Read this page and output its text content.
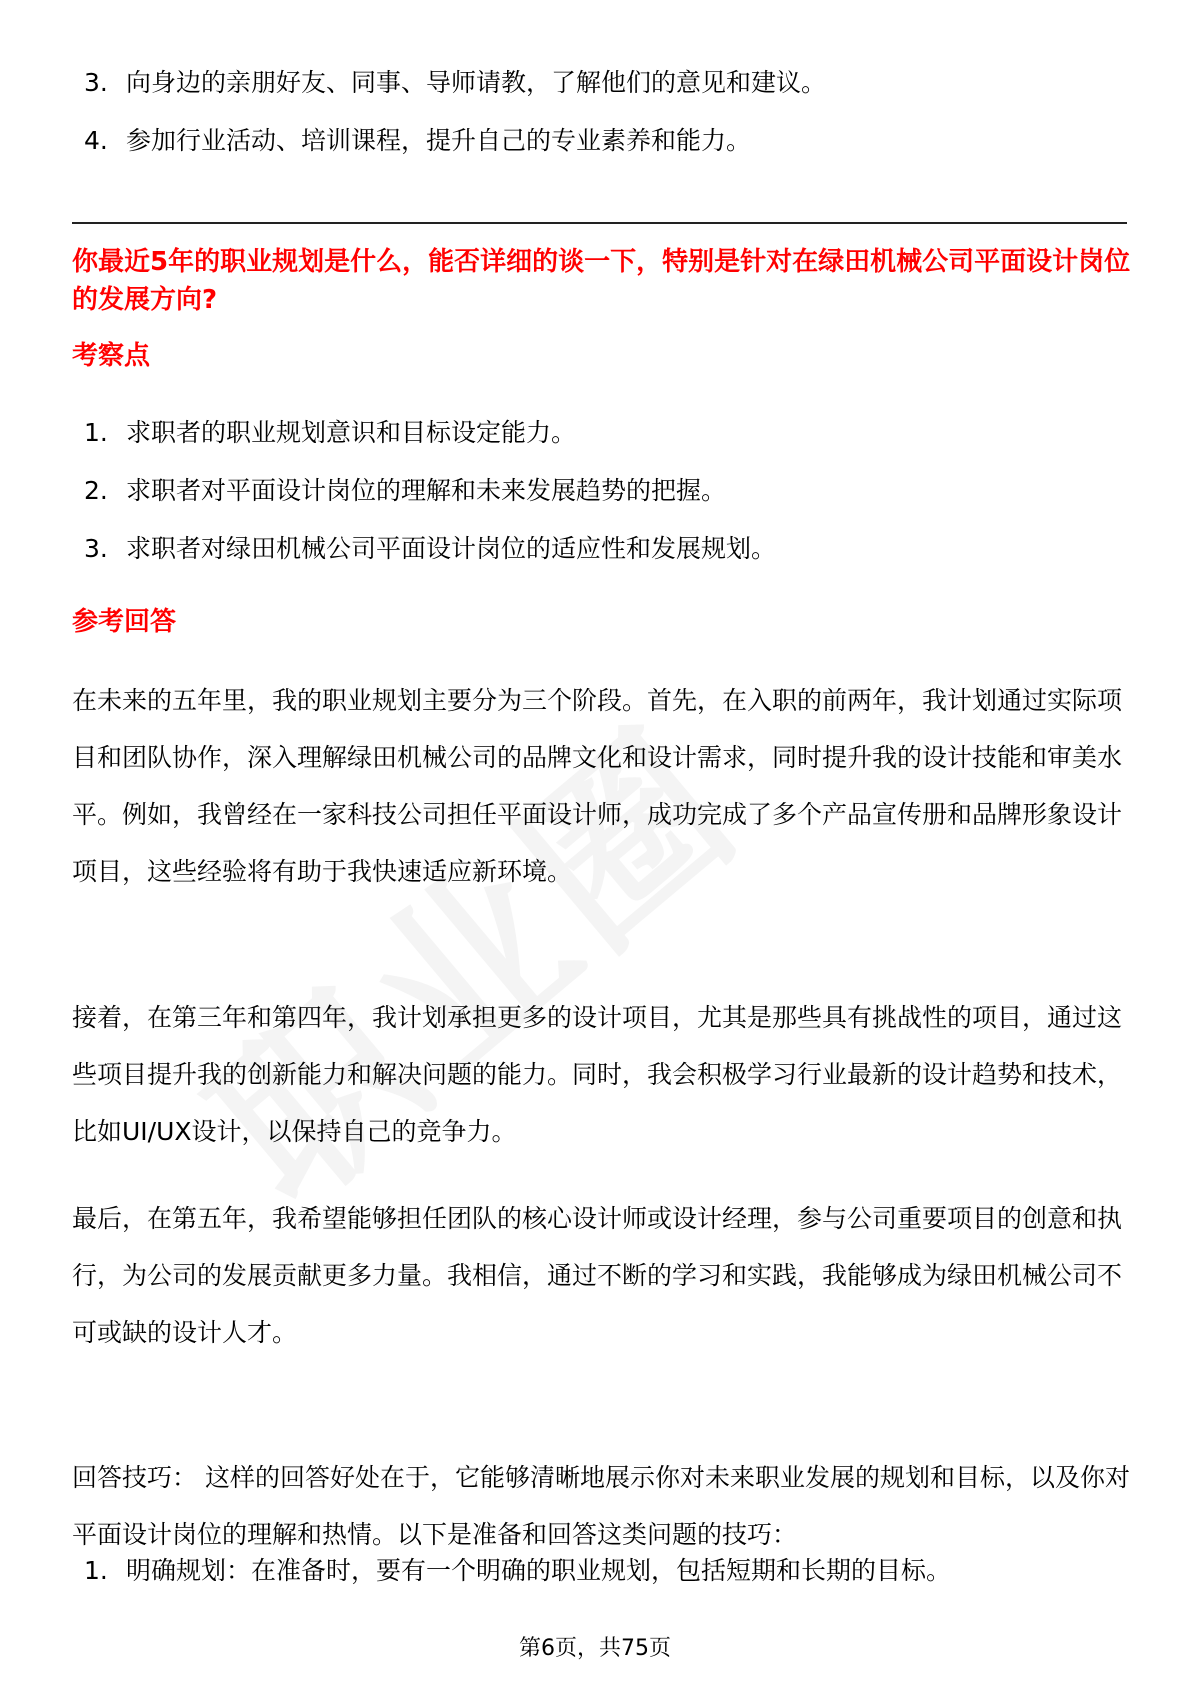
3. 向身边的亲朋好友、同事、导师请教，了解他们的意见和建议。
4. 参加行业活动、培训课程，提升自己的专业素养和能力。
你最近5年的职业规划是什么，能否详细的谈一下，特别是针对在绿田机械公司平面设计岗位的发展方向?
考察点
1. 求职者的职业规划意识和目标设定能力。
2. 求职者对平面设计岗位的理解和未来发展趋势的把握。
3. 求职者对绿田机械公司平面设计岗位的适应性和发展规划。
参考回答

在未来的五年里，我的职业规划主要分为三个阶段。首先，在入职的前两年，我计划通过实际项目和团队协作，深入理解绿田机械公司的品牌文化和设计需求，同时提升我的设计技能和审美水平。例如，我曾经在一家科技公司担任平面设计师，成功完成了多个产品宣传册和品牌形象设计项目，这些经验将有助于我快速适应新环境。

接着，在第三年和第四年，我计划承担更多的设计项目，尤其是那些具有挑战性的项目，通过这些项目提升我的创新能力和解决问题的能力。同时，我会积极学习行业最新的设计趋势和技术，比如UI/UX设计，以保持自己的竞争力。

最后，在第五年，我希望能够担任团队的核心设计师或设计经理，参与公司重要项目的创意和执行，为公司的发展贡献更多力量。我相信，通过不断的学习和实践，我能够成为绿田机械公司不可或缺的设计人才。

回答技巧： 这样的回答好处在于，它能够清晰地展示你对未来职业发展的规划和目标，以及你对平面设计岗位的理解和热情。以下是准备和回答这类问题的技巧：

1. 明确规划：在准备时，要有一个明确的职业规划，包括短期和长期的目标。
第6页，共75页
